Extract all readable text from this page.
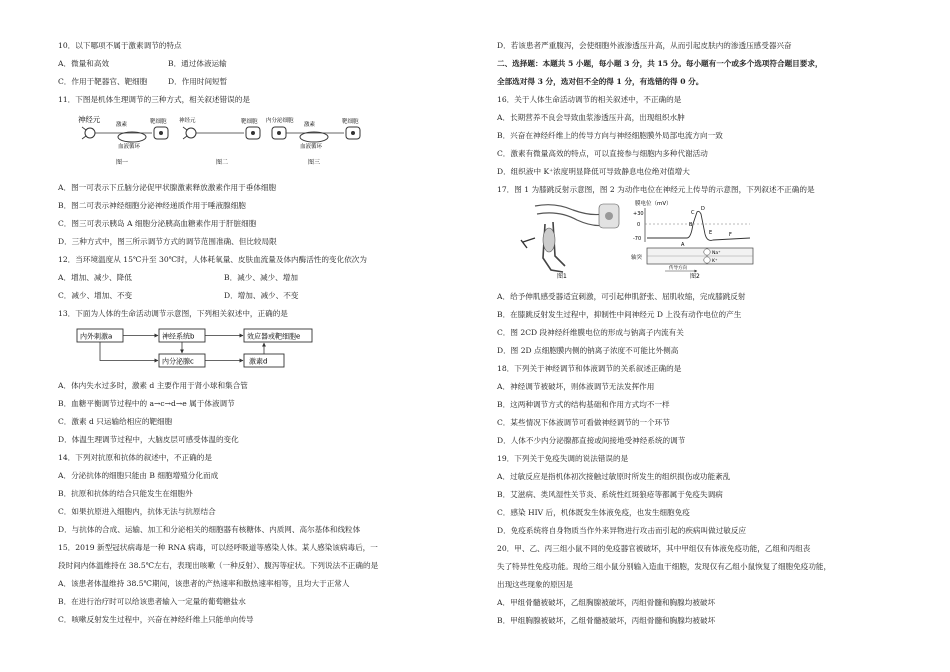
10．以下哪项不属于激素调节的特点
A．微量和高效	B．通过体液运输
C．作用于靶器官、靶细胞	D．作用时间短暂
11．下图是机体生理调节的三种方式，相关叙述错误的是
神经元
激素	靶细胞
血液循环
图一
神经元	靶细胞
图二
内分泌细胞
激素	靶细胞
血液循环
图三
A．图一可表示下丘脑分泌促甲状腺激素释放激素作用于垂体细胞
B．图二可表示神经细胞分泌神经递质作用于唾液腺细胞
C．图三可表示胰岛 A 细胞分泌胰高血糖素作用于肝脏细胞
D．三种方式中，图三所示调节方式的调节范围准确、但比较局限
12．当环境温度从 15℃升至 30℃时，人体耗氧量、皮肤血流量及体内酶活性的变化依次为
A．增加、减少、降低	B．减少、减少、增加
C．减少、增加、不变	D．增加、减少、不变
13．下面为人体的生命活动调节示意图，下列相关叙述中，正确的是
内外刺激a	神经系统b	效应器或靶细胞e
内分泌腺c	激素d
A．体内失水过多时，激素 d 主要作用于肾小球和集合管
B．血糖平衡调节过程中的 a→c→d→e 属于体液调节
C．激素 d 只运输给相应的靶细胞
D．体温生理调节过程中，大脑皮层可感受体温的变化
14．下列对抗原和抗体的叙述中，不正确的是
A．分泌抗体的细胞只能由 B 细胞增殖分化而成
B．抗原和抗体的结合只能发生在细胞外
C．如果抗原进入细胞内，抗体无法与抗原结合
D．与抗体的合成、运输、加工和分泌相关的细胞器有核糖体、内质网、高尔基体和线粒体
15．2019 新型冠状病毒是一种 RNA 病毒，可以经呼吸道等感染人体。某人感染该病毒后，一
段时间内体温维持在 38.5℃左右，表现出咳嗽（一种反射）、腹泻等症状。下列说法不正确的是
A．该患者体温维持 38.5℃期间，该患者的产热速率和散热速率相等，且均大于正常人
B．在进行治疗时可以给该患者输入一定量的葡萄糖盐水
C．咳嗽反射发生过程中，兴奋在神经纤维上只能单向传导
D．若该患者严重腹泻，会使细胞外液渗透压升高，从而引起皮肤内的渗透压感受器兴奋
二、选择题：本题共 5 小题，每小题 3 分，共 15 分。每小题有一个或多个选项符合题目要求，
全部选对得 3 分，选对但不全的得 1 分，有选错的得 0 分。
16．关于人体生命活动调节的相关叙述中，不正确的是
A．长期营养不良会导致血浆渗透压升高，出现组织水肿
B．兴奋在神经纤维上的传导方向与神经细胞膜外局部电流方向一致
C．激素有微量高效的特点，可以直接参与细胞内多种代谢活动
D．组织液中 K⁺浓度明显降低可导致静息电位绝对值增大
17．图 1 为膝跳反射示意图，图 2 为动作电位在神经元上传导的示意图，下列叙述不正确的是
图1
膜电位（mV）
+30
0
-70
A
B
C
D
E	F
轴突
Na⁺
K⁺
传导方向
图2
A．给予伸肌感受器适宜刺激，可引起伸肌舒张、屈肌收缩，完成膝跳反射
B．在膝跳反射发生过程中，抑制性中间神经元 D 上没有动作电位的产生
C．图 2CD 段神经纤维膜电位的形成与钠离子内流有关
D．图 2D 点细胞膜内侧的钠离子浓度不可能比外侧高
18．下列关于神经调节和体液调节的关系叙述正确的是
A．神经调节被破坏，则体液调节无法发挥作用
B．这两种调节方式的结构基础和作用方式均不一样
C．某些情况下体液调节可看做神经调节的一个环节
D．人体不少内分泌腺都直接或间接地受神经系统的调节
19．下列关于免疫失调的说法错误的是
A．过敏反应是指机体初次接触过敏原时所发生的组织损伤或功能紊乱
B．艾滋病、类风湿性关节炎、系统性红斑狼疮等都属于免疫失调病
C．感染 HIV 后，机体既发生体液免疫，也发生细胞免疫
D．免疫系统将自身物质当作外来异物进行攻击而引起的疾病叫做过敏反应
20．甲、乙、丙三组小鼠不同的免疫器官被破坏，其中甲组仅有体液免疫功能，乙组和丙组丧
失了特异性免疫功能。现给三组小鼠分别输入造血干细胞，发现仅有乙组小鼠恢复了细胞免疫功能，
出现这些现象的原因是
A．甲组骨髓被破坏，乙组胸腺被破坏，丙组骨髓和胸腺均被破坏
B．甲组胸腺被破坏，乙组骨髓被破坏，丙组骨髓和胸腺均被破坏
